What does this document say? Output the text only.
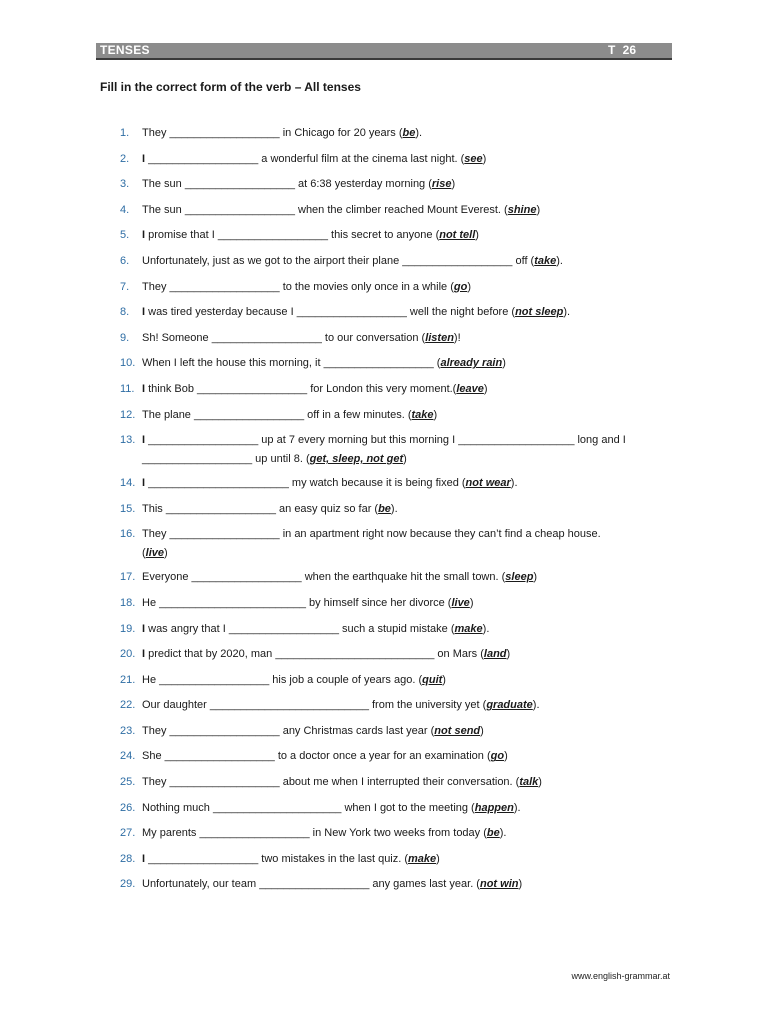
TENSES	T 26
Fill in the correct form of the verb – All tenses
1. They __________________ in Chicago for 20 years (be).
2. I __________________ a wonderful film at the cinema last night. (see)
3. The sun __________________ at 6:38 yesterday morning (rise)
4. The sun __________________ when the climber reached Mount Everest. (shine)
5. I promise that I __________________ this secret to anyone (not tell)
6. Unfortunately, just as we got to the airport their plane __________________ off (take).
7. They __________________ to the movies only once in a while (go)
8. I was tired yesterday because I __________________ well the night before (not sleep).
9. Sh! Someone __________________ to our conversation (listen)!
10. When I left the house this morning, it __________________ (already rain)
11. I think Bob __________________ for London this very moment.(leave)
12. The plane __________________ off in a few minutes. (take)
13. I __________________ up at 7 every morning but this morning I ___________________ long and I
__________________ up until 8. (get, sleep, not get)
14. I _______________________ my watch because it is being fixed (not wear).
15. This __________________ an easy quiz so far (be).
16. They __________________ in an apartment right now because they can’t find a cheap house.
(live)
17. Everyone __________________ when the earthquake hit the small town. (sleep)
18. He ________________________ by himself since her divorce (live)
19. I was angry that I __________________ such a stupid mistake (make).
20. I predict that by 2020, man __________________________ on Mars (land)
21. He __________________ his job a couple of years ago. (quit)
22. Our daughter __________________________ from the university yet (graduate).
23. They __________________ any Christmas cards last year (not send)
24. She __________________ to a doctor once a year for an examination (go)
25. They __________________ about me when I interrupted their conversation. (talk)
26. Nothing much _____________________ when I got to the meeting (happen).
27. My parents __________________ in New York two weeks from today (be).
28. I __________________ two mistakes in the last quiz. (make)
29. Unfortunately, our team __________________ any games last year. (not win)
www.english-grammar.at
